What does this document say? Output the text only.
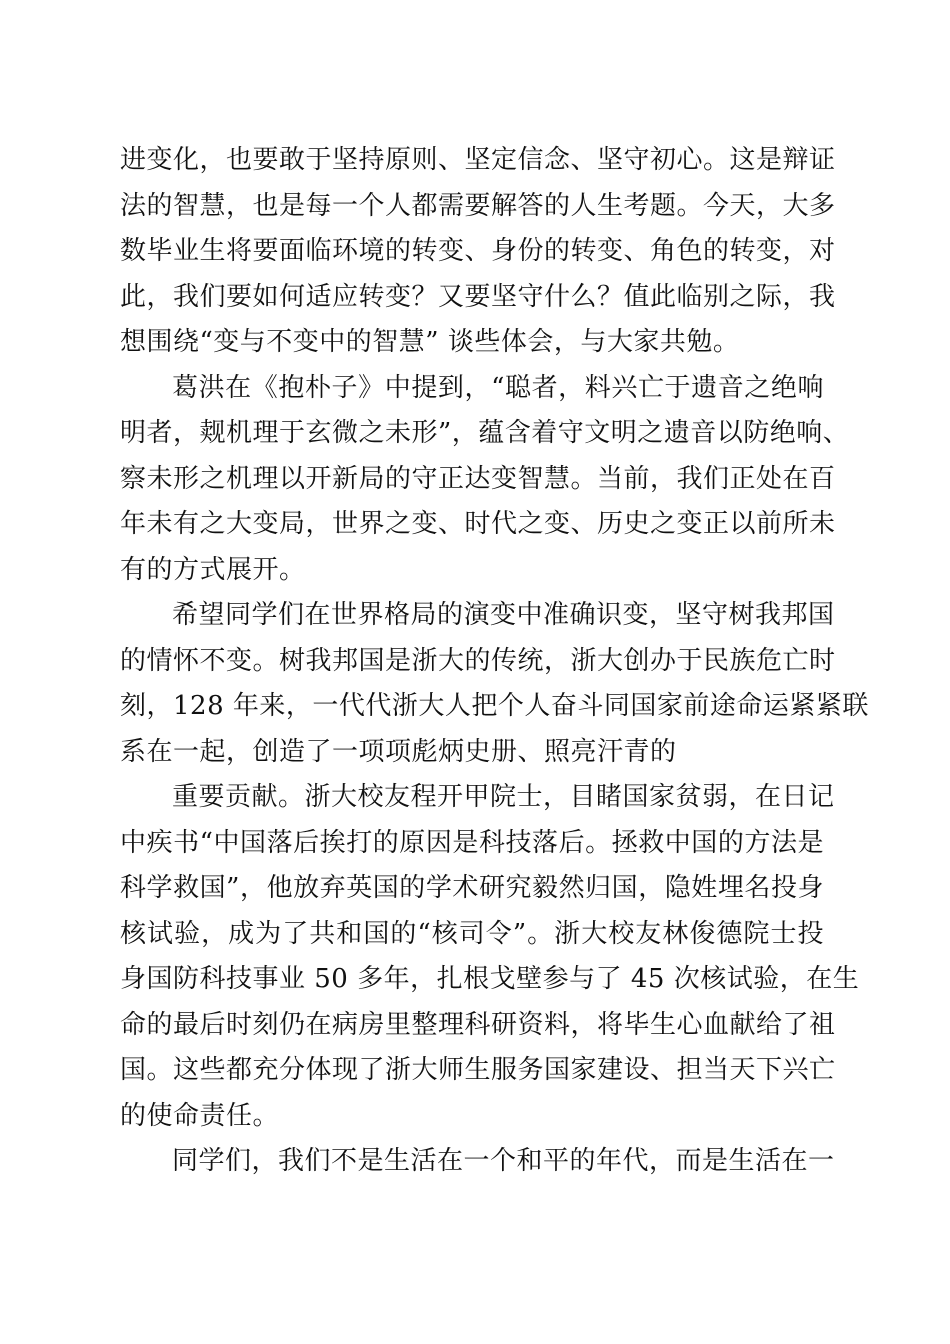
进变化，也要敢于坚持原则、坚定信念、坚守初心。这是辩证
法的智慧，也是每一个人都需要解答的人生考题。今天，大多
数毕业生将要面临环境的转变、身份的转变、角色的转变，对
此，我们要如何适应转变？又要坚守什么？值此临别之际，我
想围绕“变与不变中的智慧” 谈些体会，与大家共勉。
葛洪在《抱朴子》中提到，“聪者，料兴亡于遗音之绝响
明者，觌机理于玄微之未形”，蕴含着守文明之遗音以防绝响、
察未形之机理以开新局的守正达变智慧。当前，我们正处在百
年未有之大变局，世界之变、时代之变、历史之变正以前所未
有的方式展开。
希望同学们在世界格局的演变中准确识变，坚守树我邦国
的情怀不变。树我邦国是浙大的传统，浙大创办于民族危亡时
刻，128 年来，一代代浙大人把个人奋斗同国家前途命运紧紧联
系在一起，创造了一项项彪炳史册、照亮汗青的
重要贡献。浙大校友程开甲院士，目睹国家贫弱，在日记
中疾书“中国落后挨打的原因是科技落后。拯救中国的方法是
科学救国”，他放弃英国的学术研究毅然归国，隐姓埋名投身
核试验，成为了共和国的“核司令”。浙大校友林俊德院士投
身国防科技事业 50 多年，扎根戈壁参与了 45 次核试验，在生
命的最后时刻仍在病房里整理科研资料，将毕生心血献给了祖
国。这些都充分体现了浙大师生服务国家建设、担当天下兴亡
的使命责任。
同学们，我们不是生活在一个和平的年代，而是生活在一
